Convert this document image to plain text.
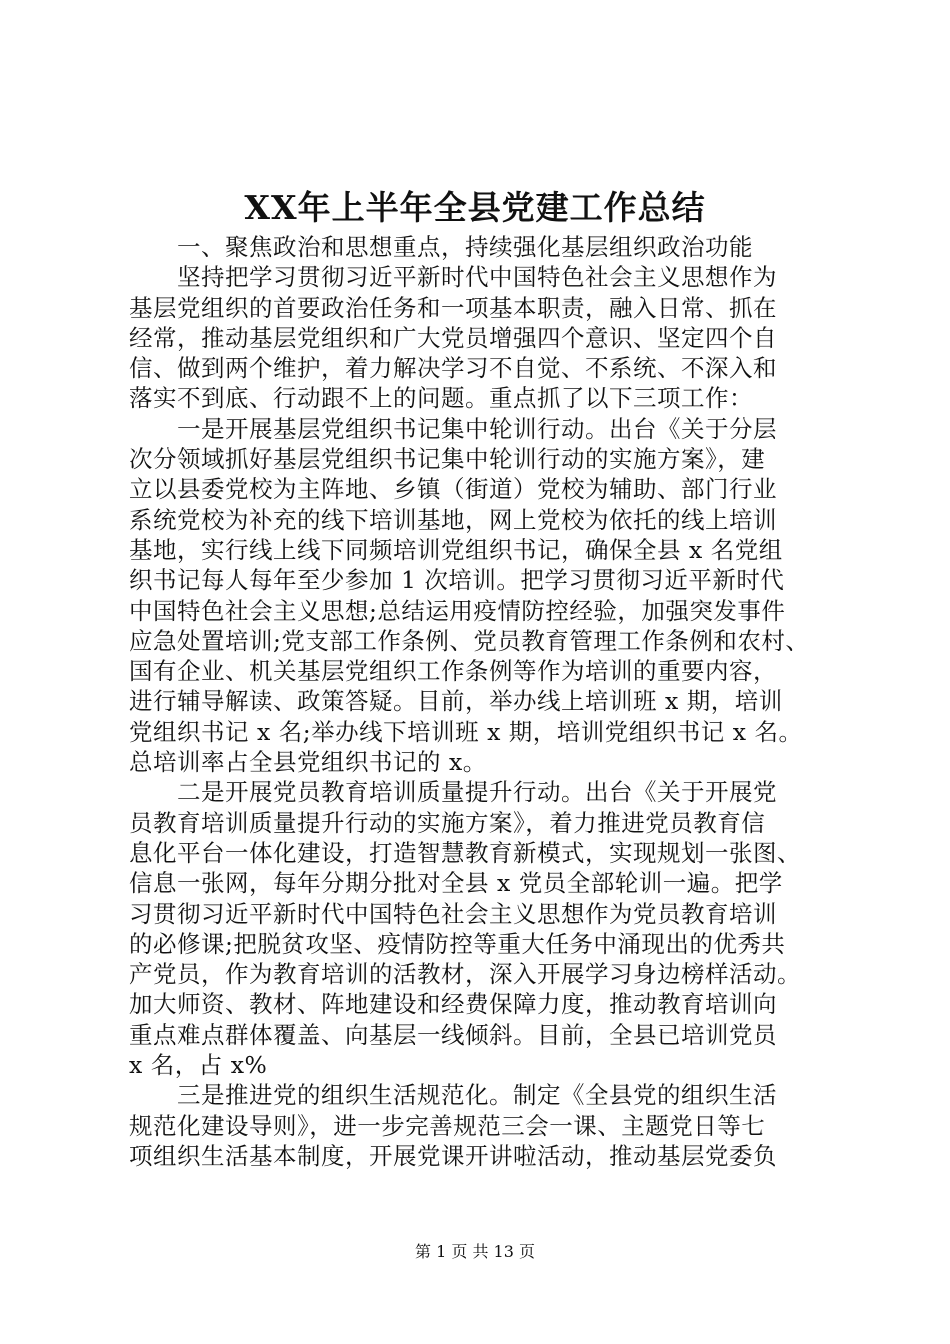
XX年上半年全县党建工作总结
　　一、聚焦政治和思想重点，持续强化基层组织政治功能
　　坚持把学习贯彻习近平新时代中国特色社会主义思想作为
基层党组织的首要政治任务和一项基本职责，融入日常、抓在
经常，推动基层党组织和广大党员增强四个意识、坚定四个自
信、做到两个维护，着力解决学习不自觉、不系统、不深入和
落实不到底、行动跟不上的问题。重点抓了以下三项工作：
　　一是开展基层党组织书记集中轮训行动。出台《关于分层
次分领域抓好基层党组织书记集中轮训行动的实施方案》，建
立以县委党校为主阵地、乡镇（街道）党校为辅助、部门行业
系统党校为补充的线下培训基地，网上党校为依托的线上培训
基地，实行线上线下同频培训党组织书记，确保全县 x 名党组
织书记每人每年至少参加 1 次培训。把学习贯彻习近平新时代
中国特色社会主义思想;总结运用疫情防控经验，加强突发事件
应急处置培训;党支部工作条例、党员教育管理工作条例和农村、
国有企业、机关基层党组织工作条例等作为培训的重要内容，
进行辅导解读、政策答疑。目前，举办线上培训班 x 期，培训
党组织书记 x 名;举办线下培训班 x 期，培训党组织书记 x 名。
总培训率占全县党组织书记的 x。
　　二是开展党员教育培训质量提升行动。出台《关于开展党
员教育培训质量提升行动的实施方案》，着力推进党员教育信
息化平台一体化建设，打造智慧教育新模式，实现规划一张图、
信息一张网，每年分期分批对全县 x 党员全部轮训一遍。把学
习贯彻习近平新时代中国特色社会主义思想作为党员教育培训
的必修课;把脱贫攻坚、疫情防控等重大任务中涌现出的优秀共
产党员，作为教育培训的活教材，深入开展学习身边榜样活动。
加大师资、教材、阵地建设和经费保障力度，推动教育培训向
重点难点群体覆盖、向基层一线倾斜。目前，全县已培训党员
x 名，占 x%
　　三是推进党的组织生活规范化。制定《全县党的组织生活
规范化建设导则》，进一步完善规范三会一课、主题党日等七
项组织生活基本制度，开展党课开讲啦活动，推动基层党委负
第 1 页 共 13 页
